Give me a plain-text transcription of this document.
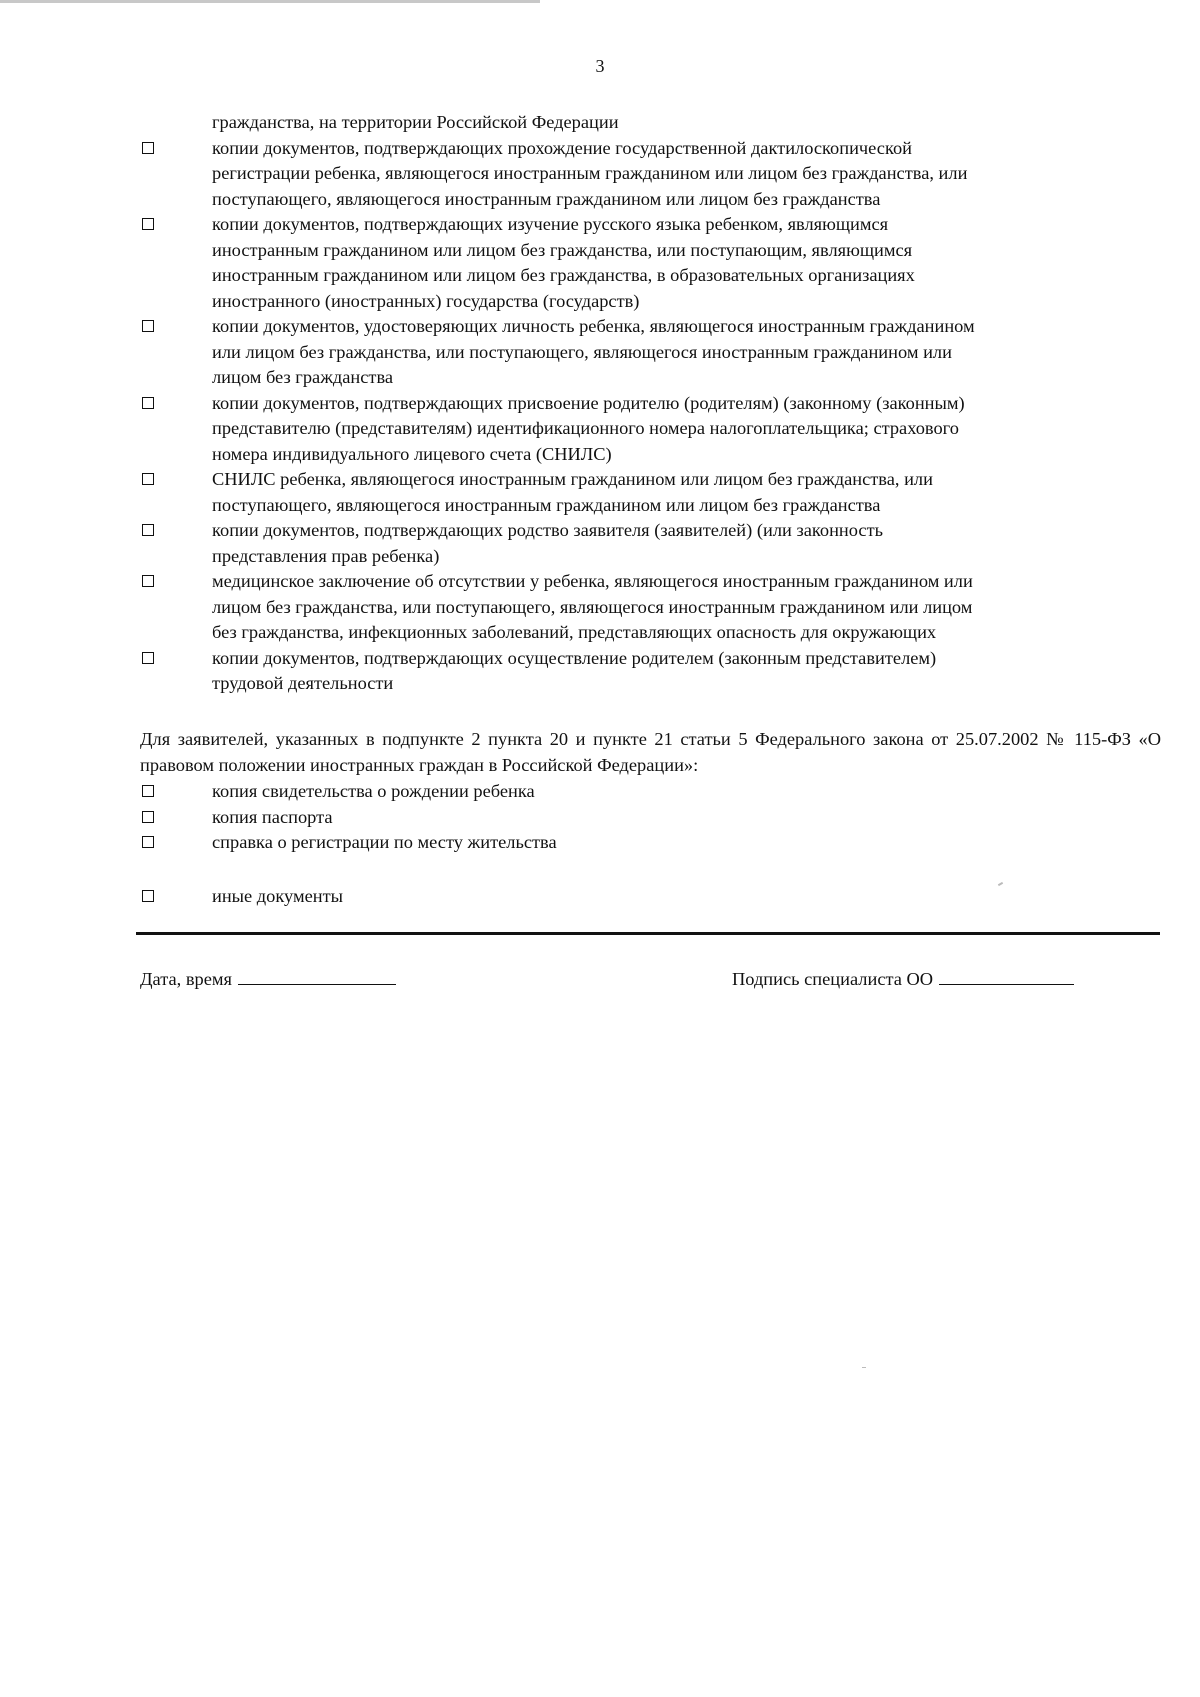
3
гражданства, на территории Российской Федерации
копии документов, подтверждающих прохождение государственной дактилоскопической
регистрации ребенка, являющегося иностранным гражданином или лицом без гражданства, или
поступающего, являющегося иностранным гражданином или лицом без гражданства
копии документов, подтверждающих изучение русского языка ребенком, являющимся
иностранным гражданином или лицом без гражданства, или поступающим, являющимся
иностранным гражданином или лицом без гражданства, в образовательных организациях
иностранного (иностранных) государства (государств)
копии документов, удостоверяющих личность ребенка, являющегося иностранным гражданином
или лицом без гражданства, или поступающего, являющегося иностранным гражданином или
лицом без гражданства
копии документов, подтверждающих присвоение родителю (родителям) (законному (законным)
представителю (представителям) идентификационного номера налогоплательщика; страхового
номера индивидуального лицевого счета (СНИЛС)
СНИЛС ребенка, являющегося иностранным гражданином или лицом без гражданства, или
поступающего, являющегося иностранным гражданином или лицом без гражданства
копии документов, подтверждающих родство заявителя (заявителей) (или законность
представления прав ребенка)
медицинское заключение об отсутствии у ребенка, являющегося иностранным гражданином или
лицом без гражданства, или поступающего, являющегося иностранным гражданином или лицом
без гражданства, инфекционных заболеваний, представляющих опасность для окружающих
копии документов, подтверждающих осуществление родителем (законным представителем)
трудовой деятельности
Для заявителей, указанных в подпункте 2 пункта 20 и пункте 21 статьи 5 Федерального закона от 25.07.2002 № 115-ФЗ «О правовом положении иностранных граждан в Российской Федерации»:
копия свидетельства о рождении ребенка
копия паспорта
справка о регистрации по месту жительства
иные документы
Дата, время	Подпись специалиста ОО
